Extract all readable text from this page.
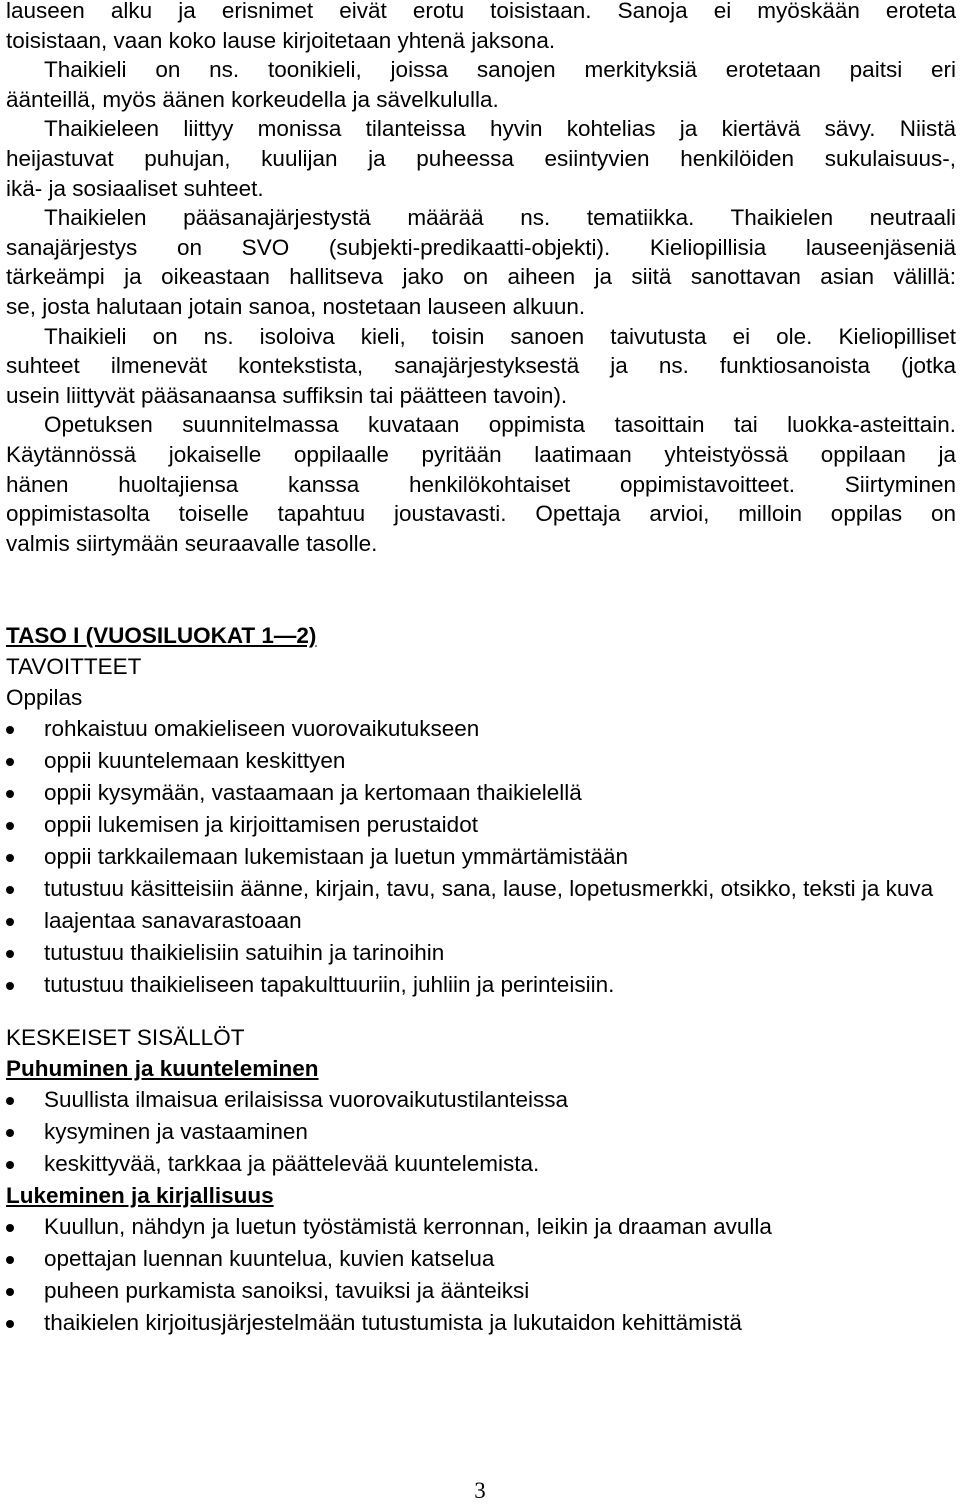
lauseen alku ja erisnimet eivät erotu toisistaan. Sanoja ei myöskään eroteta
toisistaan, vaan koko lause kirjoitetaan yhtenä jaksona.
Thaikieli on ns. toonikieli, joissa sanojen merkityksiä erotetaan paitsi eri
äänteillä, myös äänen korkeudella ja sävelkululla.
Thaikieleen liittyy monissa tilanteissa hyvin kohtelias ja kiertävä sävy. Niistä
heijastuvat puhujan, kuulijan ja puheessa esiintyvien henkilöiden sukulaisuus-,
ikä- ja sosiaaliset suhteet.
Thaikielen pääsanajärjestystä määrää ns. tematiikka. Thaikielen neutraali
sanajärjestys on SVO (subjekti-predikaatti-objekti). Kieliopillisia lauseenjäseniä
tärkeämpi ja oikeastaan hallitseva jako on aiheen ja siitä sanottavan asian välillä:
se, josta halutaan jotain sanoa, nostetaan lauseen alkuun.
Thaikieli on ns. isoloiva kieli, toisin sanoen taivutusta ei ole. Kieliopilliset
suhteet ilmenevät kontekstista, sanajärjestyksestä ja ns. funktiosanoista (jotka
usein liittyvät pääsanaansa suffiksin tai päätteen tavoin).
Opetuksen suunnitelmassa kuvataan oppimista tasoittain tai luokka-asteittain.
Käytännössä jokaiselle oppilaalle pyritään laatimaan yhteistyössä oppilaan ja
hänen huoltajiensa kanssa henkilökohtaiset oppimistavoitteet. Siirtyminen
oppimistasolta toiselle tapahtuu joustavasti. Opettaja arvioi, milloin oppilas on
valmis siirtymään seuraavalle tasolle.
TASO I (VUOSILUOKAT 1—2)
TAVOITTEET
Oppilas
rohkaistuu omakieliseen vuorovaikutukseen
oppii kuuntelemaan keskittyen
oppii kysymään, vastaamaan ja kertomaan thaikielellä
oppii lukemisen ja kirjoittamisen perustaidot
oppii tarkkailemaan lukemistaan ja luetun ymmärtämistään
tutustuu käsitteisiin äänne, kirjain, tavu, sana, lause, lopetusmerkki, otsikko, teksti ja kuva
laajentaa sanavarastoaan
tutustuu thaikielisiin satuihin ja tarinoihin
tutustuu thaikieliseen tapakulttuuriin, juhliin ja perinteisiin.
KESKEISET SISÄLLÖT
Puhuminen ja kuunteleminen
Suullista ilmaisua erilaisissa vuorovaikutustilanteissa
kysyminen ja vastaaminen
keskittyvää, tarkkaa ja päättelevää kuuntelemista.
Lukeminen ja kirjallisuus
Kuullun, nähdyn ja luetun työstämistä kerronnan, leikin ja draaman avulla
opettajan luennan kuuntelua, kuvien katselua
puheen purkamista sanoiksi, tavuiksi ja äänteiksi
thaikielen kirjoitusjärjestelmään tutustumista ja lukutaidon kehittämistä
3
